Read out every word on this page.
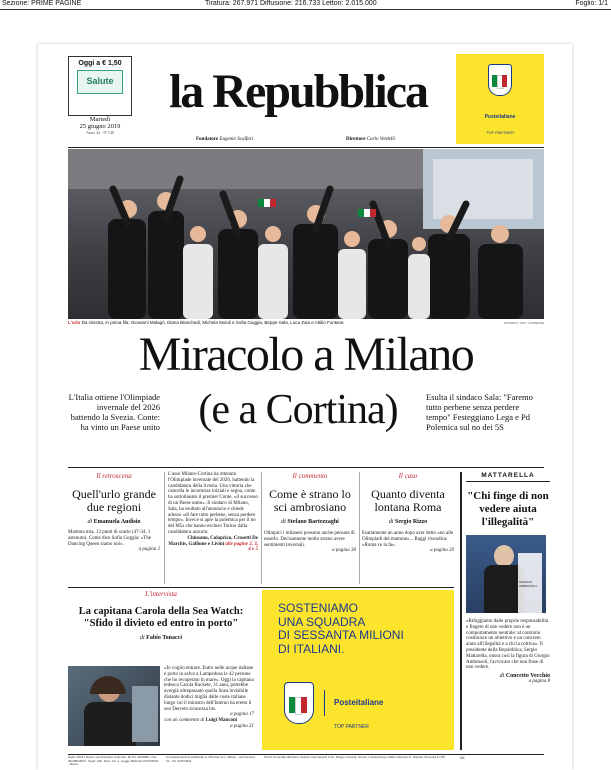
Sezione: PRIME PAGINE	Tiratura: 267.971 Diffusione: 216.733 Lettori: 2.015.000	Foglio: 1/1
Oggi a € 1,50
Salute
Martedì
25 giugno 2019
Anno 44 - N°148
la Repubblica
Fondatore Eugenio Scalfari	Direttore Carlo Verdelli
Posteitaliane
TOP PARTNER
L'urlo Da sinistra, in prima fila: Giovanni Malagò, Diana Bianchedi, Michela Moioli e Sofia Goggia, Beppe Sala, Luca Zaia e Attilio Fontana	RUSSKIN / AFP / LAPRESSE
Miracolo a Milano
(e a Cortina)
L'Italia ottiene l'Olimpiade invernale del 2026 battendo la Svezia. Conte: ha vinto un Paese unito
Esulta il sindaco Sala: "Faremo tutto perbene senza perdere tempo" Festeggiano Lega e Pd Polemica sul no dei 5S
Il retroscena
Quell'urlo grande due regioni
di Emanuela Audisio
Mamma mia, 13 punti di scarto (47-34, 1 astenuto). Come dice Sofia Goggia: «The Dancing Queen siamo noi».
a pagina 2
L'asse Milano-Cortina ha ottenuto l'Olimpiade invernale del 2026, battendo la candidatura della Svezia. Una vittoria che cancella le incertezze iniziali e segna, come ha sottolineato il premier Conte, «il successo di un Paese unito». Il sindaco di Milano, Sala, ha esultato all'annuncio e chiede adesso «di fare tutto perbene, senza perdere tempo». Invece si apre la polemica per il no del M5s che hanno escluso Torino dalla candidatura azzurra.
Chiusano, Colaprico, Crosetti De Marchis, Gallione e Livini alle pagine 2, 3, 4 e 5
Il commento
Come è strano lo sci ambrosiano
di Stefano Bartezzaghi
Olimpici i milanesi possono anche pensare di esserlo. Decisamente molto strano avere sentimenti invernali.
a pagina 30
Il caso
Quanto diventa lontana Roma
di Sergio Rizzo
Esattamente un anno dopo aver detto «no alle Olimpiadi del mattone»... Raggi rivendica: «Roma ce la fa».
a pagina 20
MATTARELLA
"Chi finge di non vedere aiuta l'illegalità"
GIORGIO AMBROSOLI
«Rifuggiamo dalle proprie responsabilità e fingere di non vedere non è un comportamento neutrale: al contrario costituisce un obiettivo e un concreto aiuto all'illegalità e a chi la coltiva». Il presidente della Repubblica, Sergio Mattarella, onora così la figura di Giorgio Ambrosoli, l'avvocato che non finse di non vedere.
di Concetto Vecchio
a pagina 8
L'intervista
La capitana Carola della Sea Watch:
"Sfido il divieto ed entro in porto"
di Fabio Tonacci
«Io voglio entrare. Entro nelle acque italiane e porto in salvo a Lampedusa le 42 persone che ho recuperato in mare». Oggi la capitana tedesca Carola Rackete, 31 anni, potrebbe avergià oltrepassato quella linea invisibile distante dodici miglia dalle coste italiane lungo cui il ministro dell'Interno ha eretto il suo Decreto sicurezza bis.
a pagina 17
con un commento di Luigi Manconi
a pagina 31
SOSTENIAMO
UNA SQUADRA
DI SESSANTA MILIONI
DI ITALIANI.
Posteitaliane
TOP PARTNER
Sede: 00147 Roma, via Cristoforo Colombo, 90 Tel. 06/49821, Fax 06/49823923 - Sped. Abb. Post., Art. 1, Legge 46/04 del 27/02/2004 - Roma
Concessionaria di pubblicità: A. Manzoni & C. Milano - via Nervesa, 21 - Tel. 02/574941
Prezzi di vendita all'estero: Austria, Germania € 2,20 - Belgio, Francia, Grecia, Lussemburgo, Malta, Monaco P., Olanda, Slovenia € 2,50	NZ
